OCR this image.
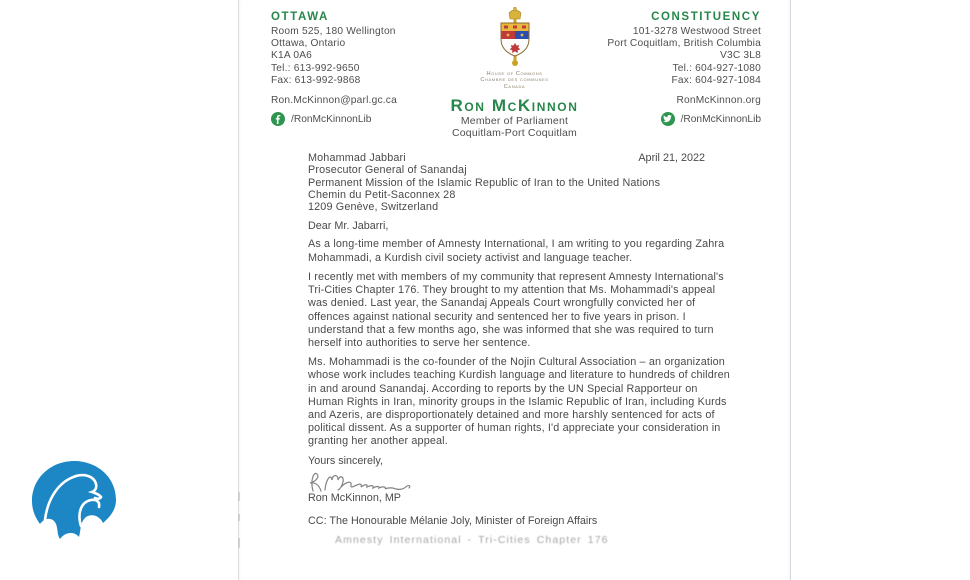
OTTAWA
Room 525, 180 Wellington
Ottawa, Ontario
K1A 0A6
Tel.: 613-992-9650
Fax: 613-992-9868
Ron.McKinnon@parl.gc.ca
/RonMcKinnonLib
House of Commons
Chambre des communes
Canada
Ron McKinnon
Member of Parliament
Coquitlam-Port Coquitlam
CONSTITUENCY
101-3278 Westwood Street
Port Coquitlam, British Columbia
V3C 3L8
Tel.: 604-927-1080
Fax: 604-927-1084
RonMcKinnon.org
/RonMcKinnonLib
April 21, 2022
Mohammad Jabbari
Prosecutor General of Sanandaj
Permanent Mission of the Islamic Republic of Iran to the United Nations
Chemin du Petit-Saconnex 28
1209 Genève, Switzerland
Dear Mr. Jabarri,

As a long-time member of Amnesty International, I am writing to you regarding Zahra Mohammadi, a Kurdish civil society activist and language teacher.

I recently met with members of my community that represent Amnesty International's Tri-Cities Chapter 176. They brought to my attention that Ms. Mohammadi's appeal was denied. Last year, the Sanandaj Appeals Court wrongfully convicted her of offences against national security and sentenced her to five years in prison. I understand that a few months ago, she was informed that she was required to turn herself into authorities to serve her sentence.

Ms. Mohammadi is the co-founder of the Nojin Cultural Association – an organization whose work includes teaching Kurdish language and literature to hundreds of children in and around Sanandaj. According to reports by the UN Special Rapporteur on Human Rights in Iran, minority groups in the Islamic Republic of Iran, including Kurds and Azeris, are disproportionately detained and more harshly sentenced for acts of political dissent. As a supporter of human rights, I'd appreciate your consideration in granting her another appeal.

Yours sincerely,
Ron McKinnon, MP
CC: The Honourable Mélanie Joly, Minister of Foreign Affairs
Amnesty International - Tri-Cities Chapter 176
